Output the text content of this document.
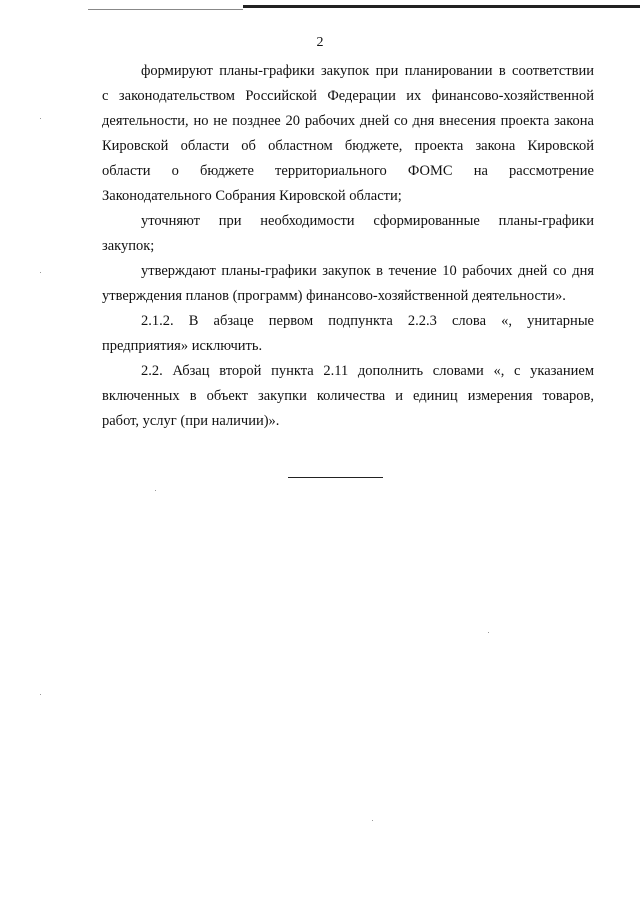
2

формируют планы-графики закупок при планировании в соответствии

с законодательством Российской Федерации их финансово-хозяйственной

деятельности, но не позднее 20 рабочих дней со дня внесения проекта закона

Кировской области об областном бюджете, проекта закона Кировской

области о бюджете территориального ФОМС на рассмотрение

Законодательного Собрания Кировской области;

уточняют при необходимости сформированные планы-графики

закупок;

утверждают планы-графики закупок в течение 10 рабочих дней со дня

утверждения планов (программ) финансово-хозяйственной деятельности».

2.1.2. В абзаце первом подпункта 2.2.3 слова «, унитарные

предприятия» исключить.

2.2. Абзац второй пункта 2.11 дополнить словами «, с указанием

включенных в объект закупки количества и единиц измерения товаров,

работ, услуг (при наличии)».
